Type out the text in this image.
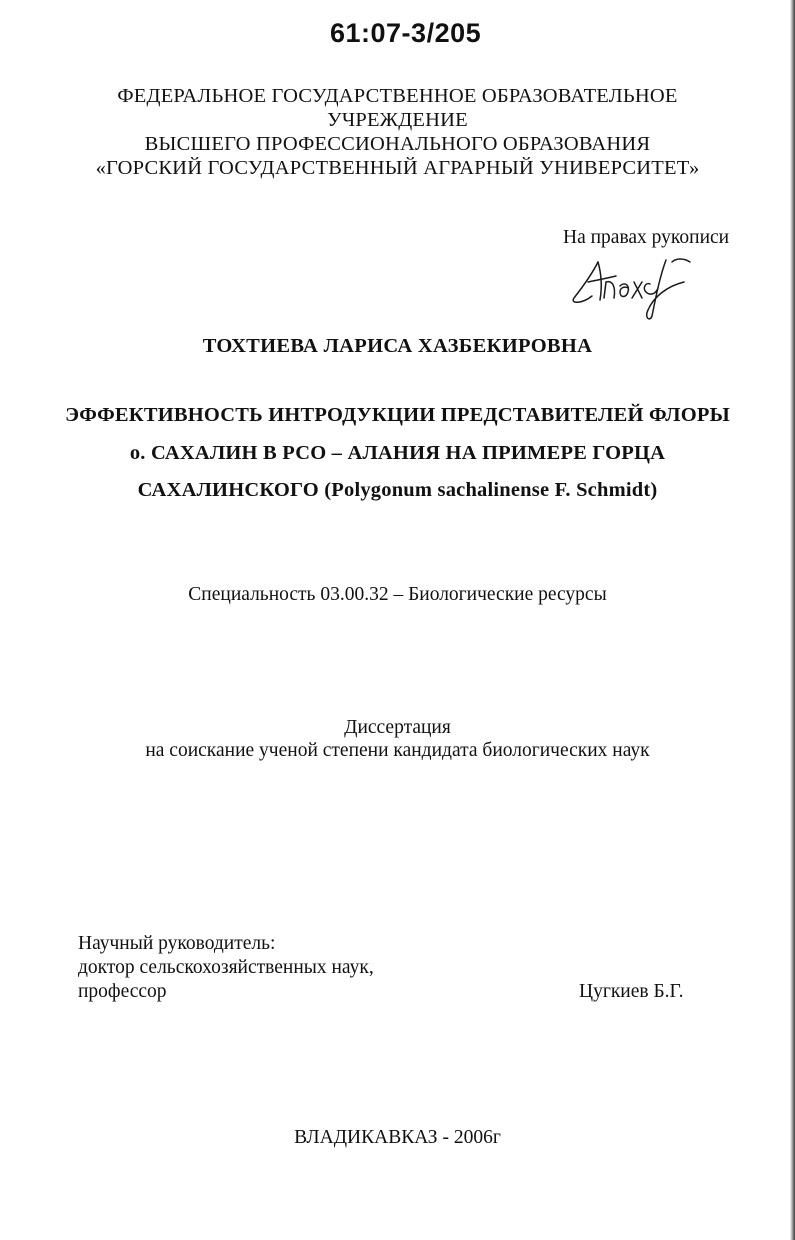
61:07-3/205
ФЕДЕРАЛЬНОЕ ГОСУДАРСТВЕННОЕ ОБРАЗОВАТЕЛЬНОЕ
УЧРЕЖДЕНИЕ
ВЫСШЕГО ПРОФЕССИОНАЛЬНОГО ОБРАЗОВАНИЯ
«ГОРСКИЙ ГОСУДАРСТВЕННЫЙ АГРАРНЫЙ УНИВЕРСИТЕТ»
На правах рукописи
ТОХТИЕВА ЛАРИСА ХАЗБЕКИРОВНА
ЭФФЕКТИВНОСТЬ ИНТРОДУКЦИИ ПРЕДСТАВИТЕЛЕЙ ФЛОРЫ
о. САХАЛИН В РСО – АЛАНИЯ НА ПРИМЕРЕ ГОРЦА
САХАЛИНСКОГО (Polygonum sachalinense F. Schmidt)
Специальность 03.00.32 – Биологические ресурсы
Диссертация
на соискание ученой степени кандидата биологических наук
Научный руководитель:
доктор сельскохозяйственных наук,
профессор	Цугкиев Б.Г.
ВЛАДИКАВКАЗ - 2006г
